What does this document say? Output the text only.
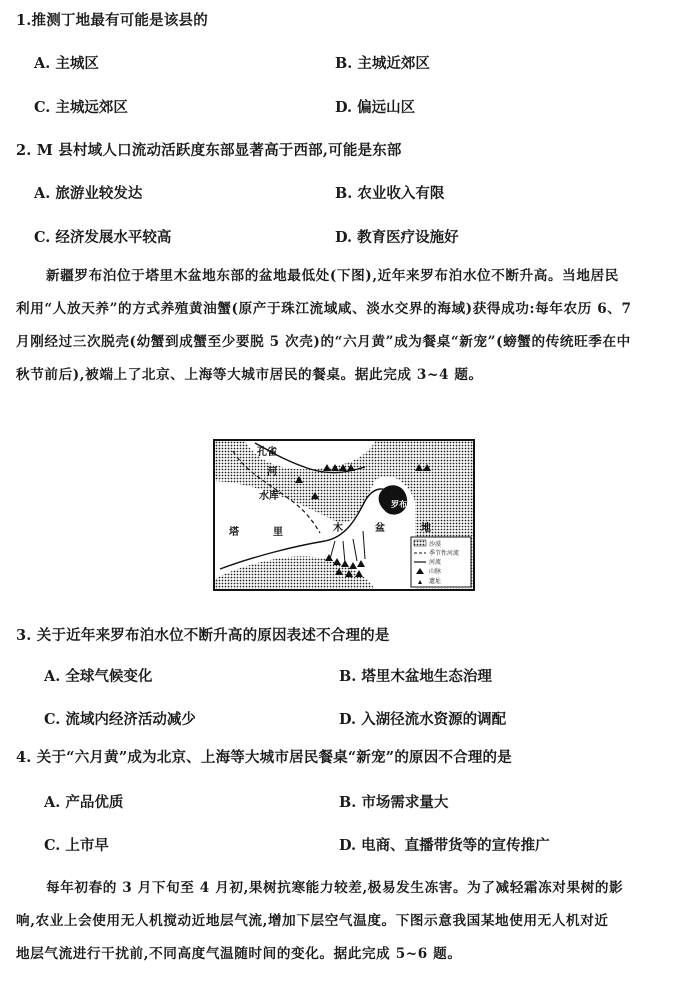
1.推测丁地最有可能是该县的
A. 主城区	B. 主城近郊区
C. 主城远郊区	D. 偏远山区
2. M 县村域人口流动活跃度东部显著高于西部,可能是东部
A. 旅游业较发达	B. 农业收入有限
C. 经济发展水平较高	D. 教育医疗设施好
新疆罗布泊位于塔里木盆地东部的盆地最低处(下图),近年来罗布泊水位不断升高。当地居民
利用“人放天养”的方式养殖黄油蟹(原产于珠江流域咸、淡水交界的海域)获得成功:每年农历 6、7
月刚经过三次脱壳(幼蟹到成蟹至少要脱 5 次壳)的“六月黄”成为餐桌“新宠”(螃蟹的传统旺季在中
秋节前后),被端上了北京、上海等大城市居民的餐桌。据此完成 3~4 题。
孔雀
河
水库
塔	里	木	盆	地
罗布泊
沙漠
季节性河流
河流
山脉
遗址
3. 关于近年来罗布泊水位不断升高的原因表述不合理的是
A. 全球气候变化	B. 塔里木盆地生态治理
C. 流域内经济活动减少	D. 入湖径流水资源的调配
4. 关于“六月黄”成为北京、上海等大城市居民餐桌“新宠”的原因不合理的是
A. 产品优质	B. 市场需求量大
C. 上市早	D. 电商、直播带货等的宣传推广
每年初春的 3 月下旬至 4 月初,果树抗寒能力较差,极易发生冻害。为了减轻霜冻对果树的影
响,农业上会使用无人机搅动近地层气流,增加下层空气温度。下图示意我国某地使用无人机对近
地层气流进行干扰前,不同高度气温随时间的变化。据此完成 5~6 题。
